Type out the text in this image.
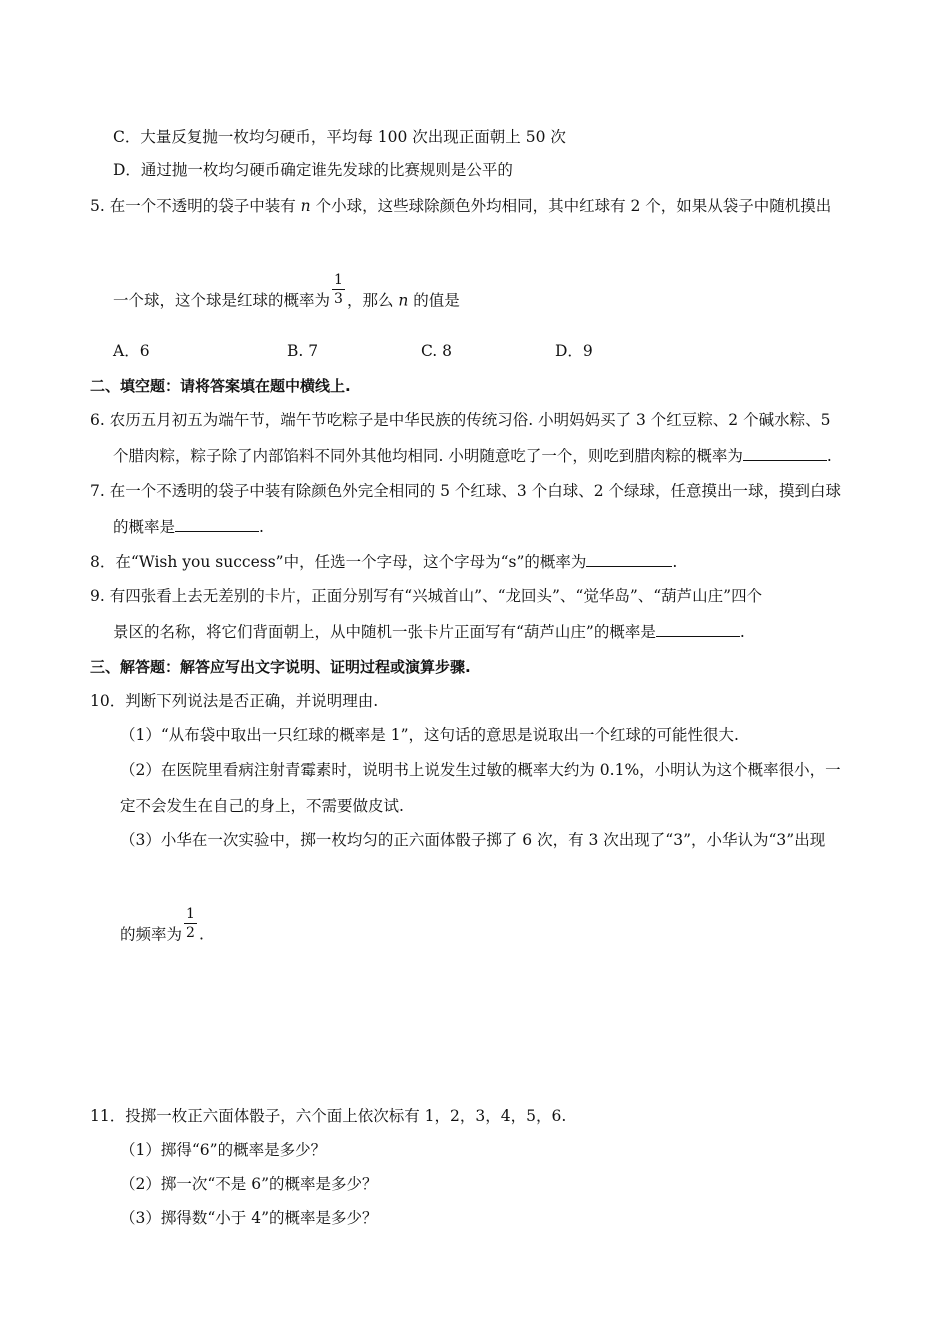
C．大量反复抛一枚均匀硬币，平均每 100 次出现正面朝上 50 次
D．通过抛一枚均匀硬币确定谁先发球的比赛规则是公平的
5. 在一个不透明的袋子中装有 n 个小球，这些球除颜色外均相同，其中红球有 2 个，如果从袋子中随机摸出
一个球，这个球是红球的概率为 $\frac{1}{3}$ ，那么 n 的值是
A．6	B. 7	C. 8	D．9
二、填空题：请将答案填在题中横线上.
6. 农历五月初五为端午节，端午节吃粽子是中华民族的传统习俗. 小明妈妈买了 3 个红豆粽、2 个碱水粽、5
个腊肉粽，粽子除了内部馅料不同外其他均相同. 小明随意吃了一个，则吃到腊肉粽的概率为	.
7. 在一个不透明的袋子中装有除颜色外完全相同的 5 个红球、3 个白球、2 个绿球，任意摸出一球，摸到白球
的概率是	.
8．在“Wish you success”中，任选一个字母，这个字母为“s”的概率为	.
9. 有四张看上去无差别的卡片，正面分别写有“兴城首山”、“龙回头”、“觉华岛”、“葫芦山庄”四个
景区的名称，将它们背面朝上，从中随机一张卡片正面写有“葫芦山庄”的概率是	.
三、解答题：解答应写出文字说明、证明过程或演算步骤.
10．判断下列说法是否正确，并说明理由.
（1）“从布袋中取出一只红球的概率是 1”，这句话的意思是说取出一个红球的可能性很大.
（2）在医院里看病注射青霉素时，说明书上说发生过敏的概率大约为 0.1%，小明认为这个概率很小，一
定不会发生在自己的身上，不需要做皮试.
（3）小华在一次实验中，掷一枚均匀的正六面体骰子掷了 6 次，有 3 次出现了“3”，小华认为“3”出现
的频率为 $\frac{1}{2}$ .
11．投掷一枚正六面体骰子，六个面上依次标有 1，2，3，4，5，6.
（1）掷得“6”的概率是多少？
（2）掷一次“不是 6”的概率是多少？
（3）掷得数“小于 4”的概率是多少？
